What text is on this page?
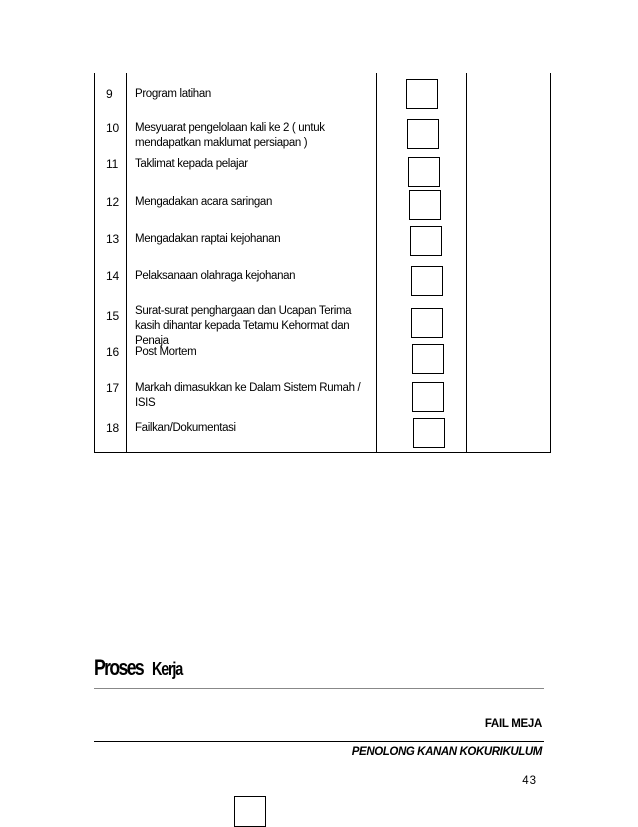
9 Program latihan
10 Mesyuarat pengelolaan kali ke 2 ( untuk mendapatkan maklumat persiapan )
11 Taklimat kepada pelajar
12 Mengadakan acara saringan
13 Mengadakan raptai kejohanan
14 Pelaksanaan olahraga kejohanan
15 Surat-surat penghargaan dan Ucapan Terima kasih dihantar kepada Tetamu Kehormat dan Penaja
16 Post Mortem
17 Markah dimasukkan ke Dalam Sistem Rumah / ISIS
18 Failkan/Dokumentasi
Proses Kerja
FAIL MEJA
PENOLONG KANAN KOKURIKULUM
43
